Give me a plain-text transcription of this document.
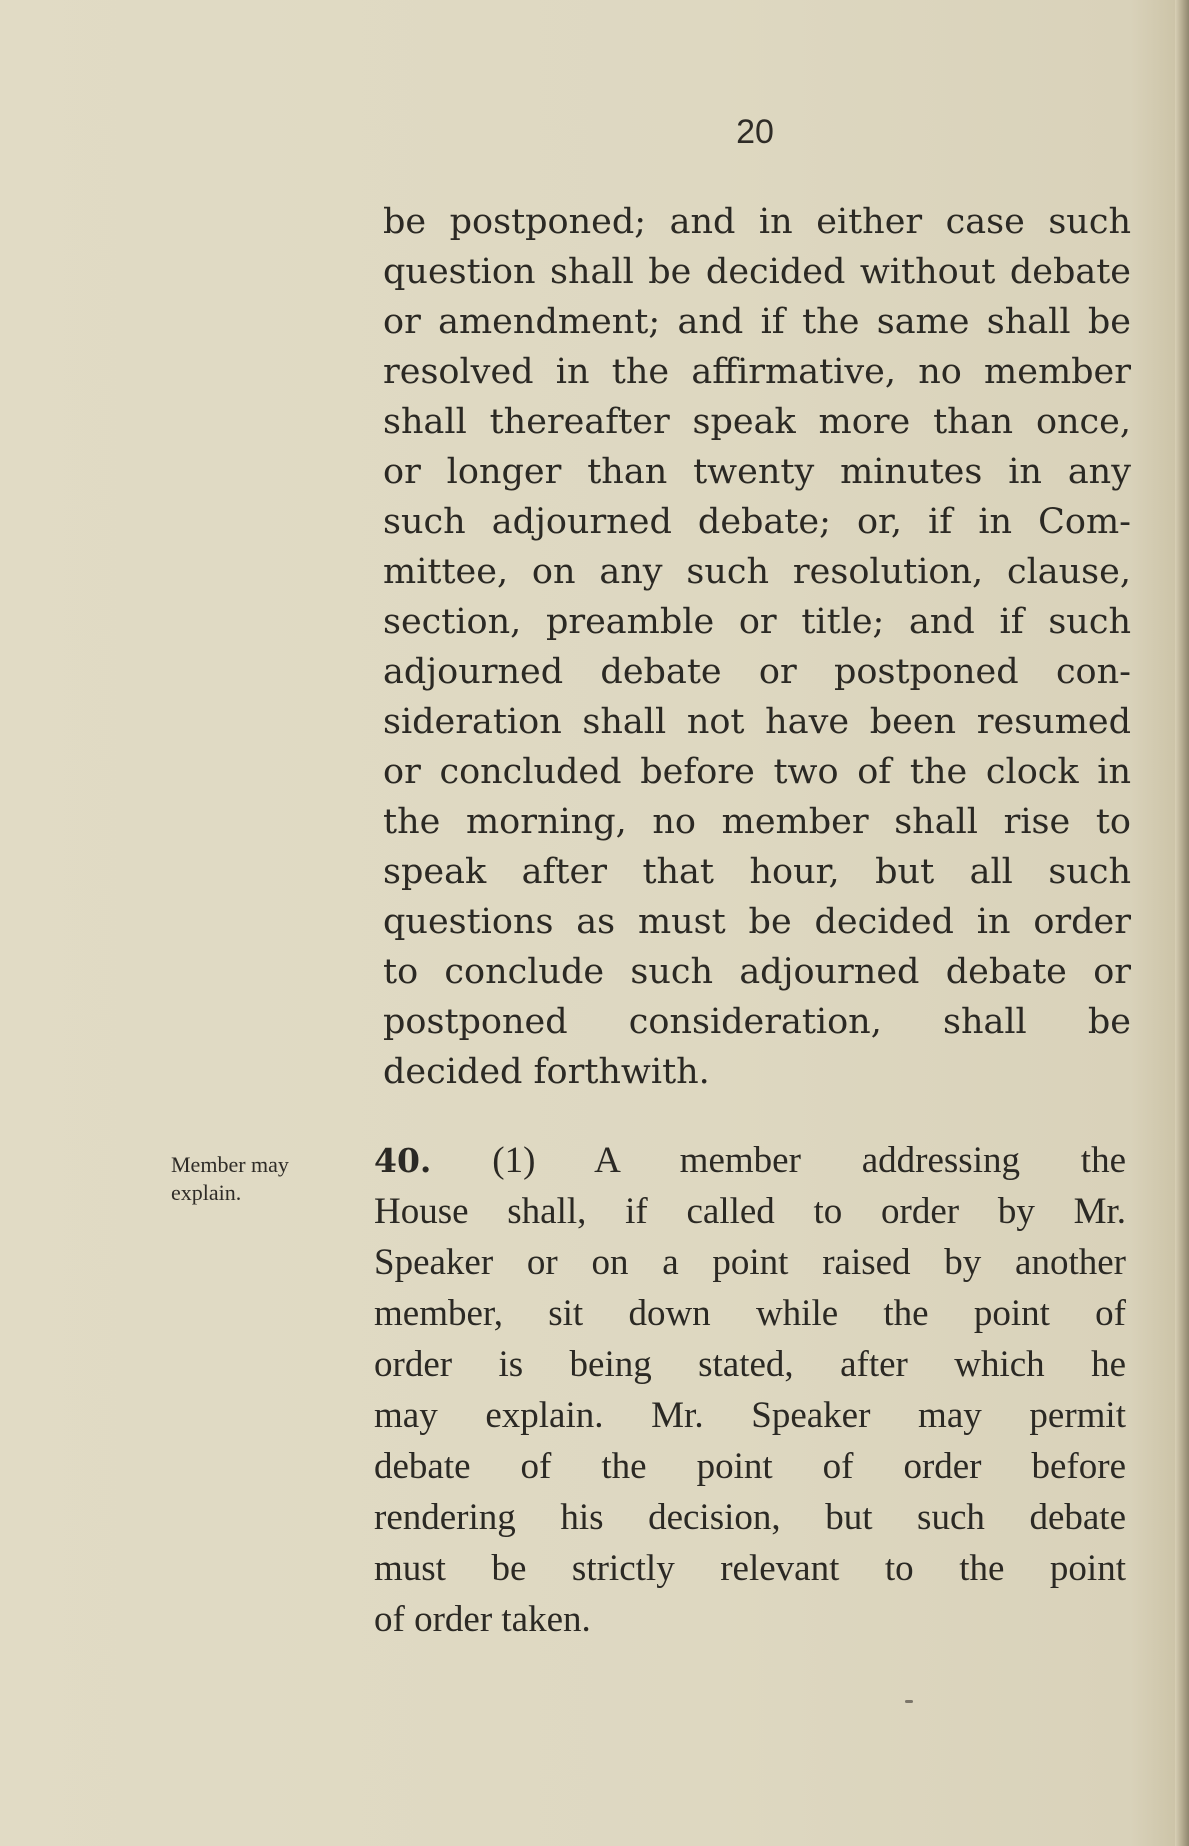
20

be postponed; and in either case such

question shall be decided without debate

or amendment; and if the same shall be

resolved in the affirmative, no member

shall thereafter speak more than once,

or longer than twenty minutes in any

such adjourned debate; or, if in Com-

mittee, on any such resolution, clause,

section, preamble or title; and if such

adjourned debate or postponed con-

sideration shall not have been resumed

or concluded before two of the clock in

the morning, no member shall rise to

speak after that hour, but all such

questions as must be decided in order

to conclude such adjourned debate or

postponed consideration, shall be

decided forthwith.

Member may

explain.

40. (1) A member addressing the

House shall, if called to order by Mr.

Speaker or on a point raised by another

member, sit down while the point of

order is being stated, after which he

may explain. Mr. Speaker may permit

debate of the point of order before

rendering his decision, but such debate

must be strictly relevant to the point

of order taken.
